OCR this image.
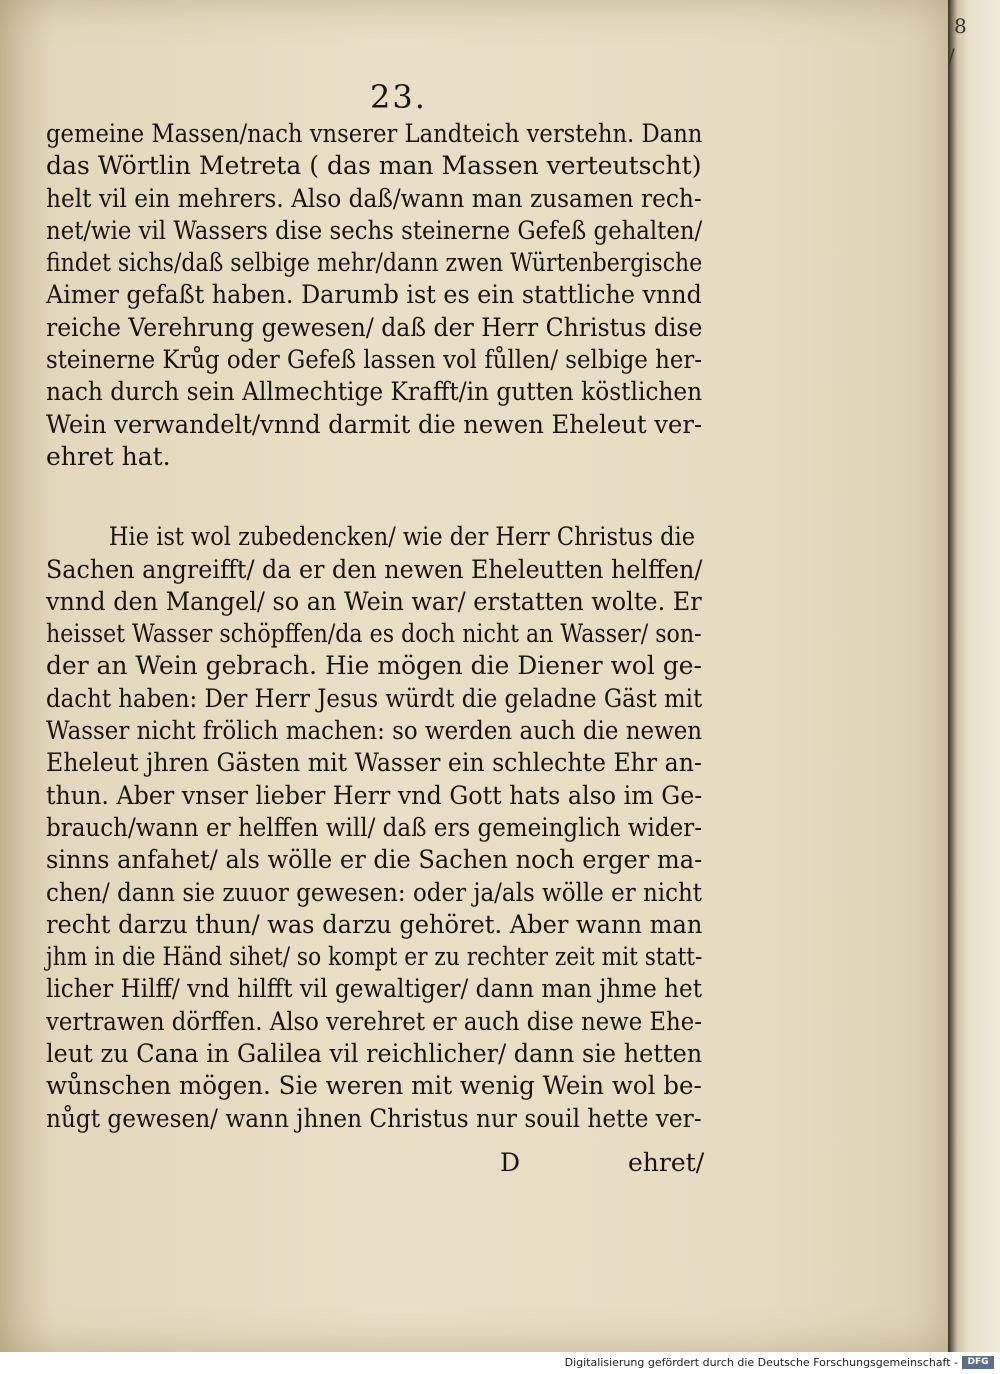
8
/
23.
gemeine Massen/nach vnserer Landteich verstehn. Dann
das Wörtlin Metreta ( das man Massen verteutscht)
helt vil ein mehrers. Also daß/wann man zusamen rech-
net/wie vil Wassers dise sechs steinerne Gefeß gehalten/
findet sichs/daß selbige mehr/dann zwen Würtenbergische
Aimer gefaßt haben. Darumb ist es ein stattliche vnnd
reiche Verehrung gewesen/ daß der Herr Christus dise
steinerne Krůg oder Gefeß lassen vol fůllen/ selbige her-
nach durch sein Allmechtige Krafft/in gutten köstlichen
Wein verwandelt/vnnd darmit die newen Eheleut ver-
ehret hat.
Hie ist wol zubedencken/ wie der Herr Christus die
Sachen angreifft/ da er den newen Eheleutten helffen/
vnnd den Mangel/ so an Wein war/ erstatten wolte. Er
heisset Wasser schöpffen/da es doch nicht an Wasser/ son-
der an Wein gebrach. Hie mögen die Diener wol ge-
dacht haben: Der Herr Jesus würdt die geladne Gäst mit
Wasser nicht frölich machen: so werden auch die newen
Eheleut jhren Gästen mit Wasser ein schlechte Ehr an-
thun. Aber vnser lieber Herr vnd Gott hats also im Ge-
brauch/wann er helffen will/ daß ers gemeinglich wider-
sinns anfahet/ als wölle er die Sachen noch erger ma-
chen/ dann sie zuuor gewesen: oder ja/als wölle er nicht
recht darzu thun/ was darzu gehöret. Aber wann man
jhm in die Händ sihet/ so kompt er zu rechter zeit mit statt-
licher Hilff/ vnd hilfft vil gewaltiger/ dann man jhme het
vertrawen dörffen. Also verehret er auch dise newe Ehe-
leut zu Cana in Galilea vil reichlicher/ dann sie hetten
wůnschen mögen. Sie weren mit wenig Wein wol be-
nůgt gewesen/ wann jhnen Christus nur souil hette ver-
D	ehret/
Digitalisierung gefördert durch die Deutsche Forschungsgemeinschaft -	DFG
